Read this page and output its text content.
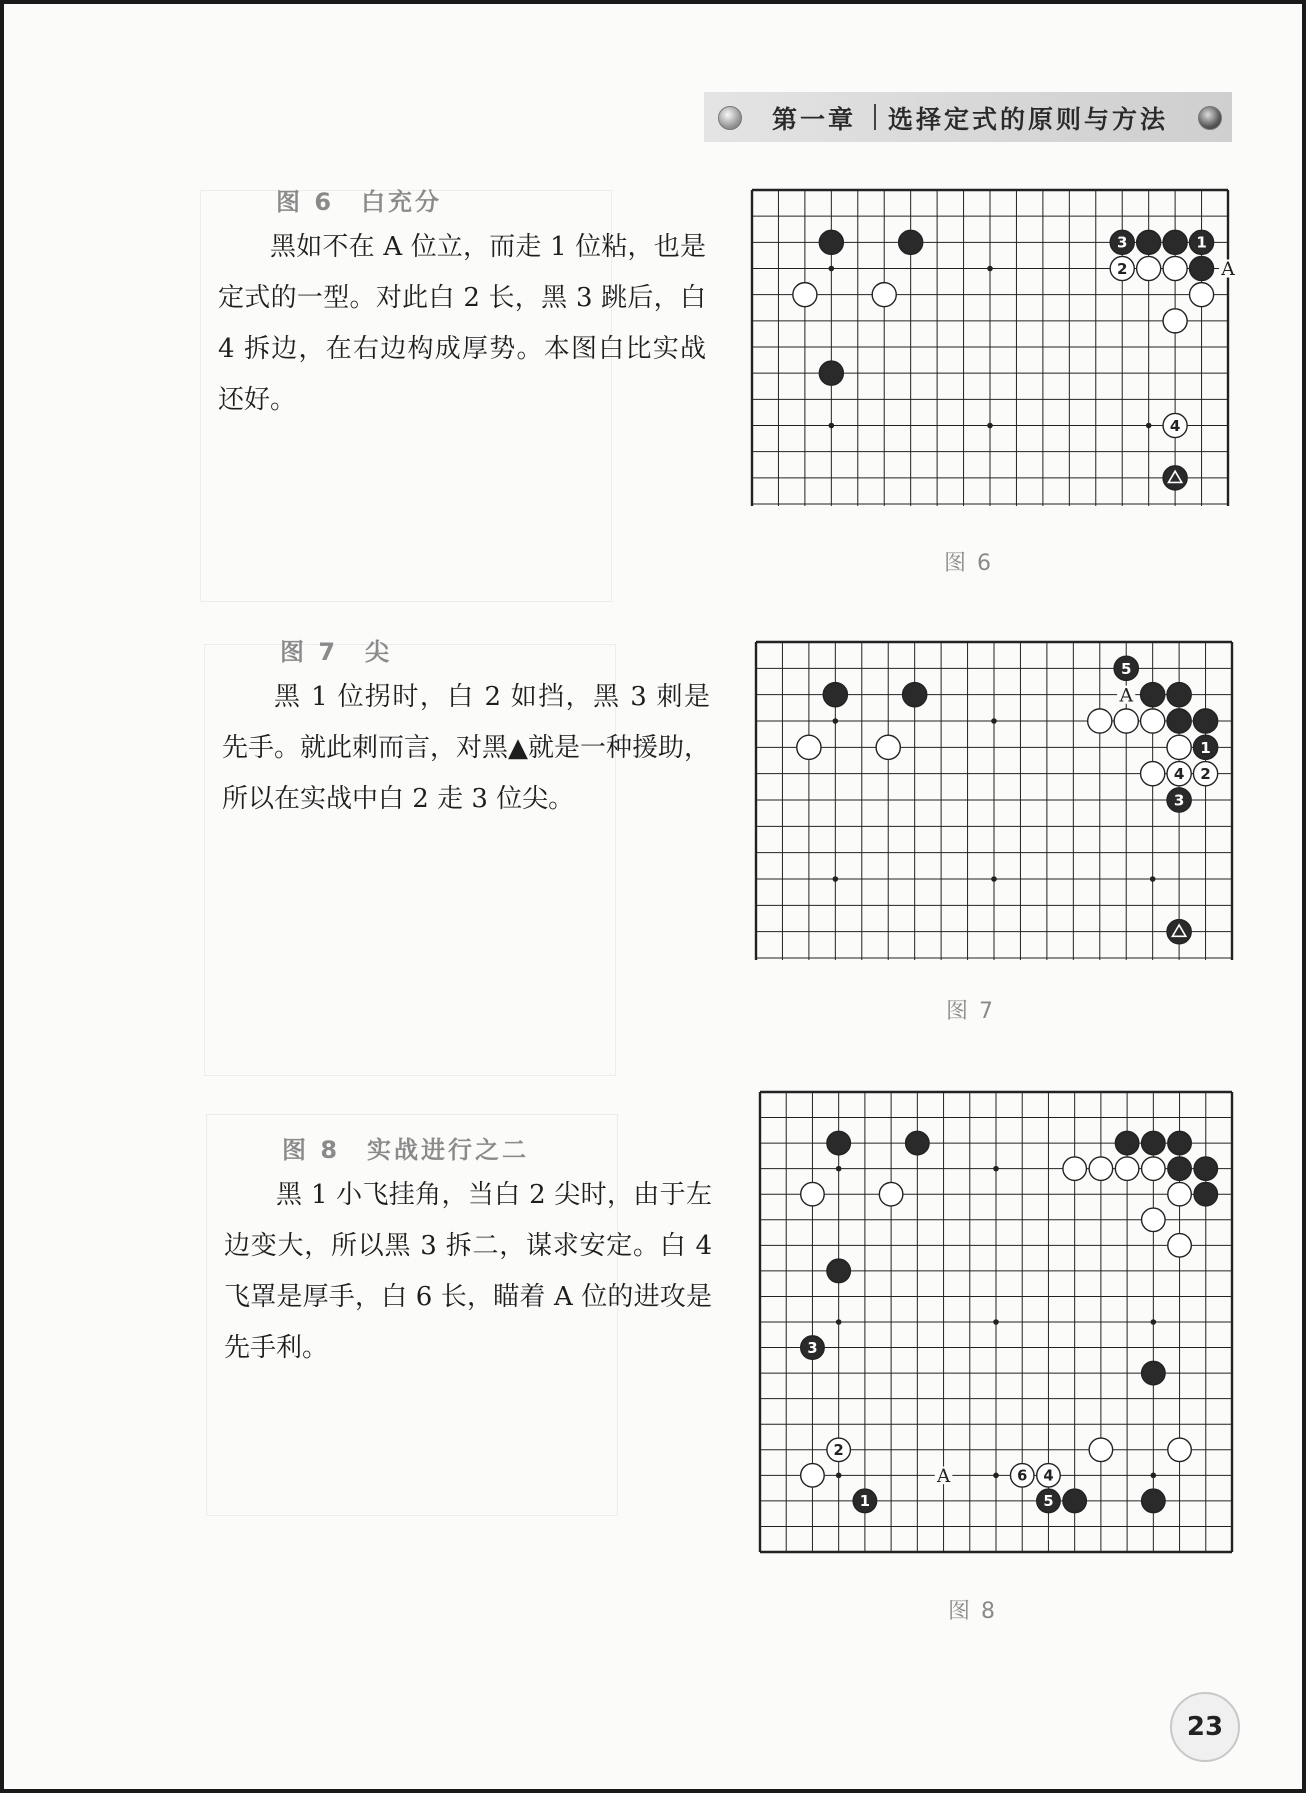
第一章 选择定式的原则与方法
图 6　白充分
黑如不在 A 位立，而走 1 位粘，也是定式的一型。对此白 2 长，黑 3 跳后，白 4 拆边，在右边构成厚势。本图白比实战还好。
A
3	1
2
4
图 6
图 7　尖
黑 1 位拐时，白 2 如挡，黑 3 刺是先手。就此刺而言，对黑▲就是一种援助，所以在实战中白 2 走 3 位尖。
A
5
1
4 2
3
图 7
图 8　实战进行之二
黑 1 小飞挂角，当白 2 尖时，由于左边变大，所以黑 3 拆二，谋求安定。白 4 飞罩是厚手，白 6 长，瞄着 A 位的进攻是先手利。
A
3
2
6 4
1	5
图 8
23
